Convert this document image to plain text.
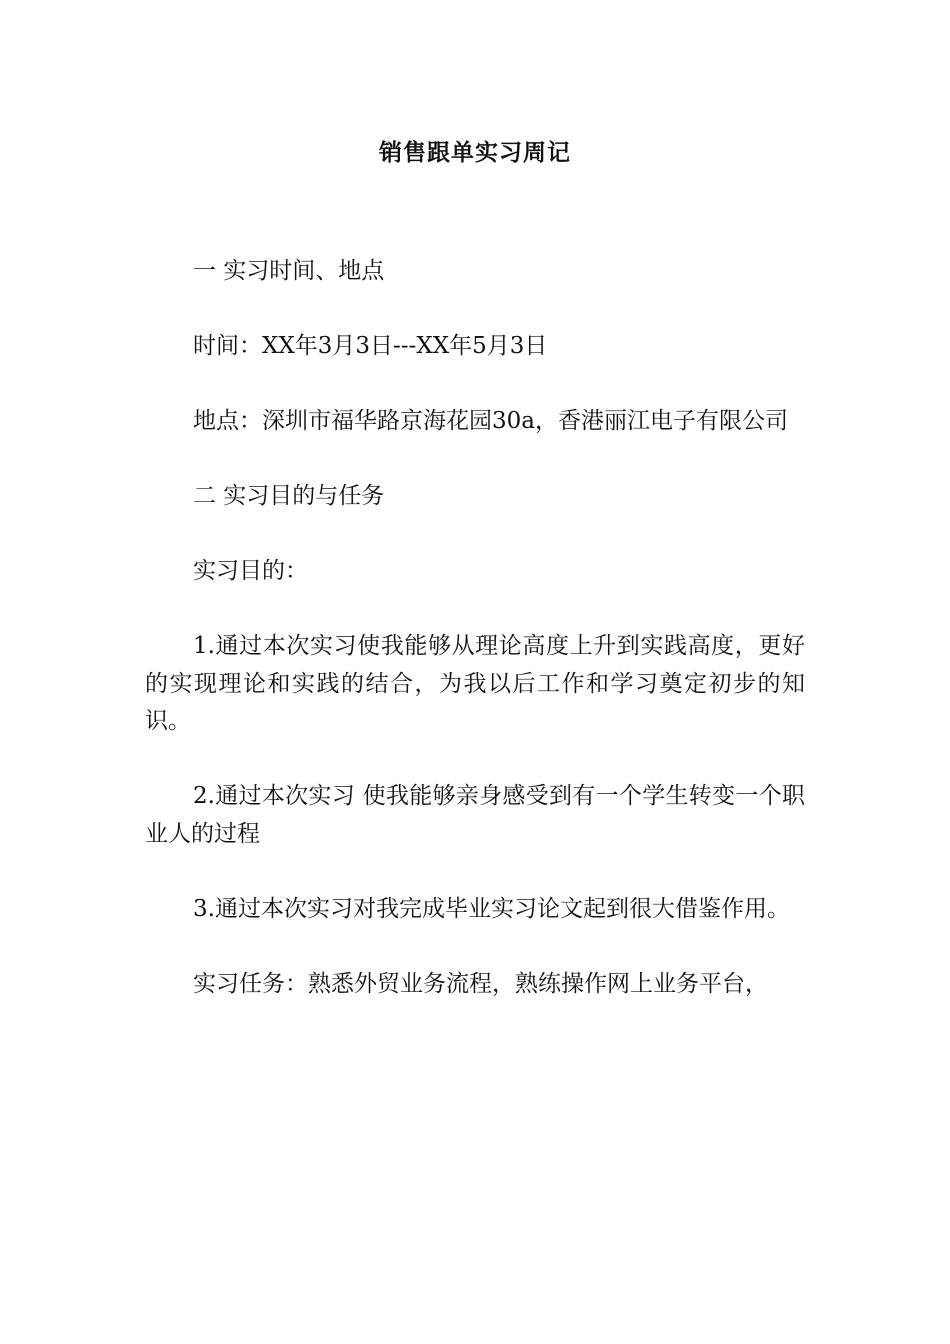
销售跟单实习周记

一 实习时间、地点

时间：XX年3月3日---XX年5月3日

地点：深圳市福华路京海花园30a，香港丽江电子有限公司

二 实习目的与任务

实习目的：

1.通过本次实习使我能够从理论高度上升到实践高度，更好的实现理论和实践的结合，为我以后工作和学习奠定初步的知识。

2.通过本次实习 使我能够亲身感受到有一个学生转变一个职业人的过程

3.通过本次实习对我完成毕业实习论文起到很大借鉴作用。

实习任务：熟悉外贸业务流程，熟练操作网上业务平台，
